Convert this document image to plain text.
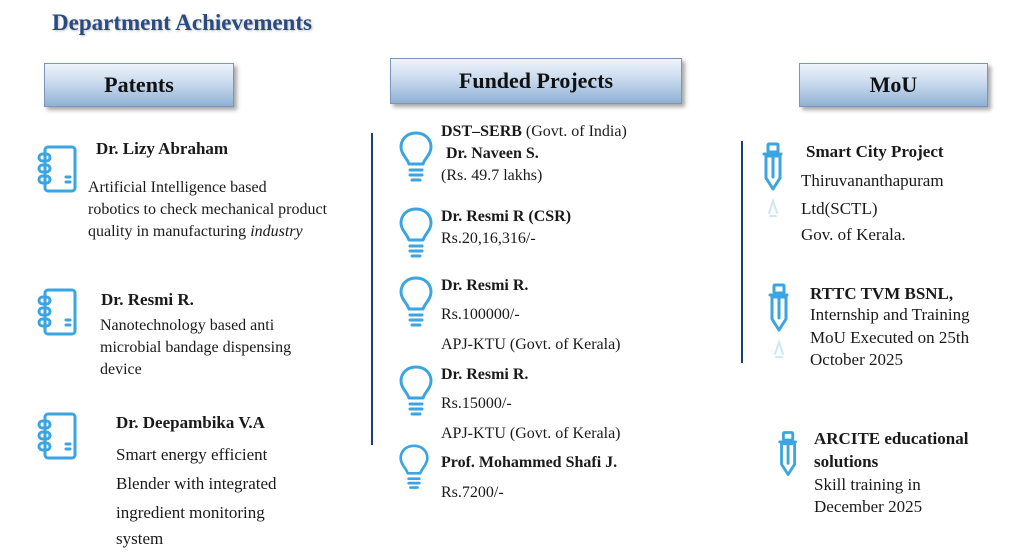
Department Achievements
Patents	Funded Projects	MoU
Dr. Lizy Abraham
Artificial Intelligence based
robotics to check mechanical product
quality in manufacturing industry
Dr. Resmi R.
Nanotechnology based anti
microbial bandage dispensing
device
Dr. Deepambika V.A
Smart energy efficient
Blender with integrated
ingredient monitoring
system
DST–SERB (Govt. of India)
Dr. Naveen S.
(Rs. 49.7 lakhs)
Dr. Resmi R (CSR)
Rs.20,16,316/-
Dr. Resmi R.
Rs.100000/-
APJ-KTU (Govt. of Kerala)
Dr. Resmi R.
Rs.15000/-
APJ-KTU (Govt. of Kerala)
Prof. Mohammed Shafi J.
Rs.7200/-
Smart City Project
Thiruvananthapuram
Ltd(SCTL)
Gov. of Kerala.
RTTC TVM BSNL,
Internship and Training
MoU Executed on 25th
October 2025
ARCITE educational
solutions
Skill training in
December 2025
